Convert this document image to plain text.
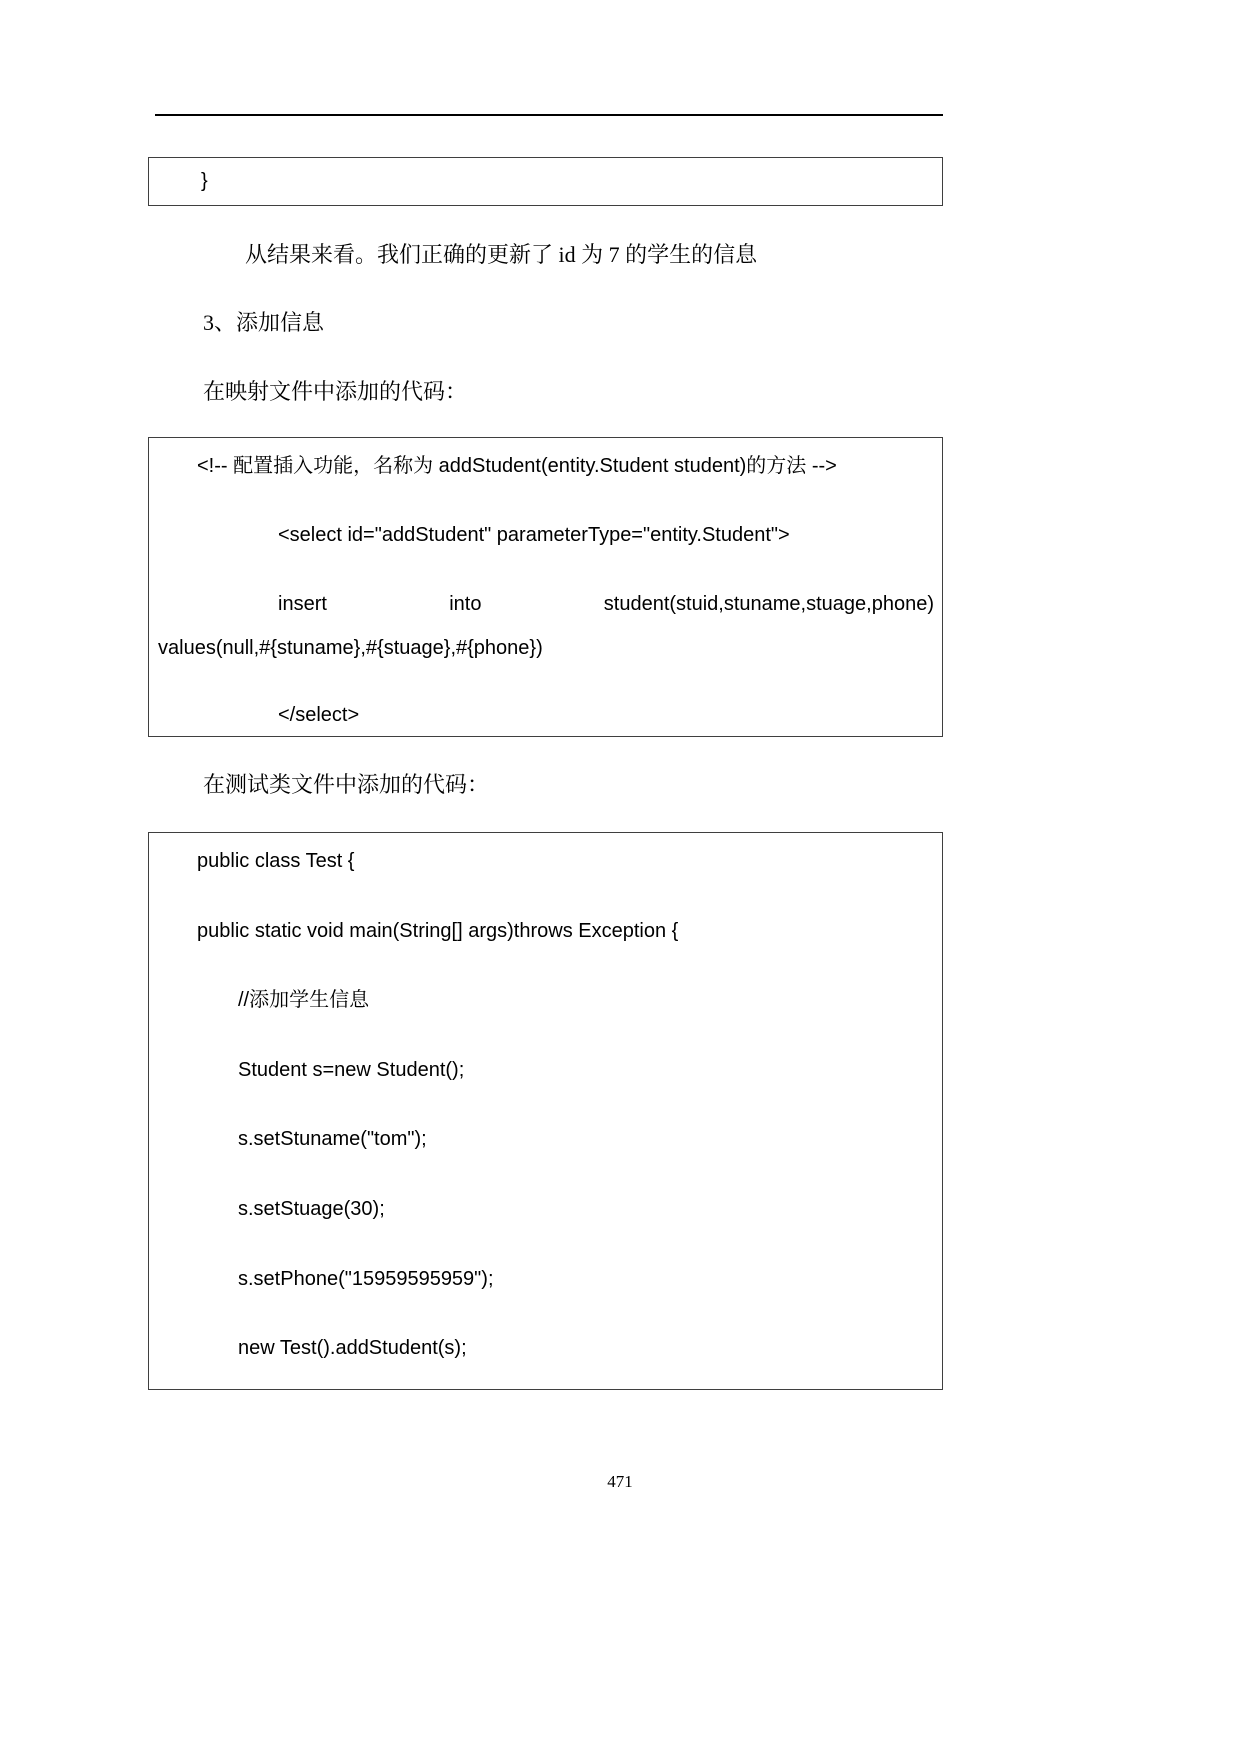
}

从结果来看。我们正确的更新了 id 为 7 的学生的信息

3、添加信息

在映射文件中添加的代码：

<!-- 配置插入功能，名称为 addStudent(entity.Student student)的方法 -->
<select id="addStudent" parameterType="entity.Student">
insert	into	student(stuid,stuname,stuage,phone)
values(null,#{stuname},#{stuage},#{phone})
</select>

在测试类文件中添加的代码：

public class Test {
public static void main(String[] args)throws Exception {
//添加学生信息
Student s=new Student();
s.setStuname("tom");
s.setStuage(30);
s.setPhone("15959595959");
new Test().addStudent(s);
471
